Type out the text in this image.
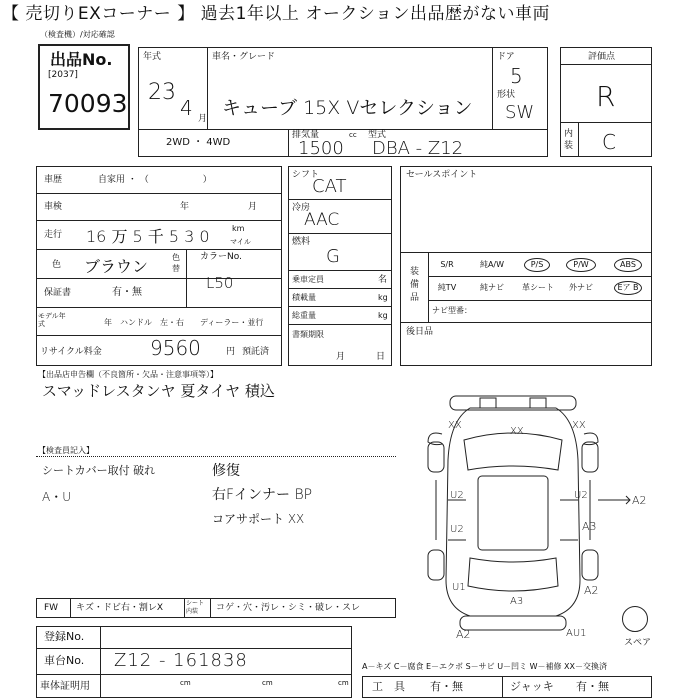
【 売切りEXコーナー 】 過去1年以上 オークション出品歴がない車両
（検査機）/対応確認
出品No.
[2037]
70093
年式
23
4 月
車名・グレード
キューブ 15X Vセレクション
ドア
5
形状
SW
2WD ・ 4WD
排気量
1500
cc 型式
DBA - Z12
評価点
R
内装 C
車歴	自家用 ・ （　　　　　　）
車検	年	月
走行 16 万 5 千 5 3 0	km
マイル
色 ブラウン	色替
カラーNo.
L50
保証書	有・無
モデル年式	年 ハンドル　左・右 ディーラー・並行
リサイクル料金 9560	円 預託済
シフト
CAT
冷房
AAC
燃料
G
乗車定員	名
積載量	kg
総重量	kg
書類期限
月	日
セールスポイント
装備品
S/R	純A/W	P/S	P/W	ABS
純TV	純ナビ	革シート	外ナビ	Eア B
ナビ型番：
後日品
【出品店申告欄（不良箇所・欠品・注意事項等）】
スマッドレスタンヤ 夏タイヤ 積込
【検査員記入】
シートカバー取付 破れ
A・U
修復
右Fインナー BP
コアサポート XX
XX
XX
XX
U2
U2
U2
A3
A2
U1	A2
A3
A2	AU1
スペア
FW キズ・ドビ右・割レX	シート内装	コゲ・穴・汚レ・シミ・破レ・スレ
登録No.
車台No. Z12 - 161838
車体証明用	cm	cm	cm
A－キズ C－腐食 E－エクボ S－サビ U－凹ミ W－補修 XX－交換済
工　具 有・無	ジャッキ 有・無
